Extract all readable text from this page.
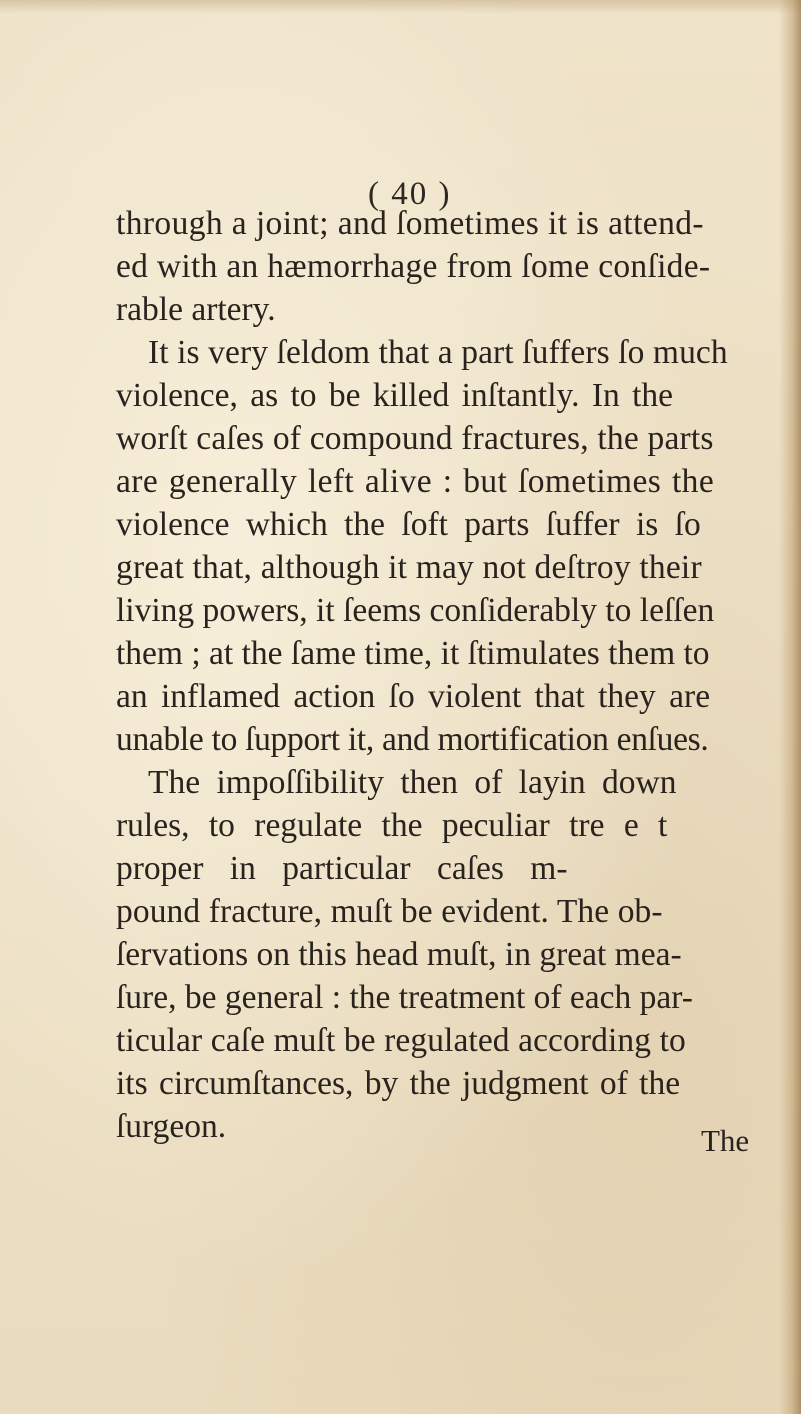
( 40 )
through a joint; and ſometimes it is attend-
ed with an hæmorrhage from ſome conſide-
rable artery.
It is very ſeldom that a part ſuffers ſo much
violence, as to be killed inſtantly. In the
worſt caſes of compound fractures, the parts
are generally left alive : but ſometimes the
violence which the ſoft parts ſuffer is ſo
great that, although it may not deſtroy their
living powers, it ſeems conſiderably to leſſen
them ; at the ſame time, it ſtimulates them to
an inflamed action ſo violent that they are
unable to ſupport it, and mortification enſues.
The impoſſibility then of layin down
rules, to regulate the peculiar tre e t
proper in particular caſes m-
pound fracture, muſt be evident. The ob-
ſervations on this head muſt, in great mea-
ſure, be general : the treatment of each par-
ticular caſe muſt be regulated according to
its circumſtances, by the judgment of the
ſurgeon.	The
